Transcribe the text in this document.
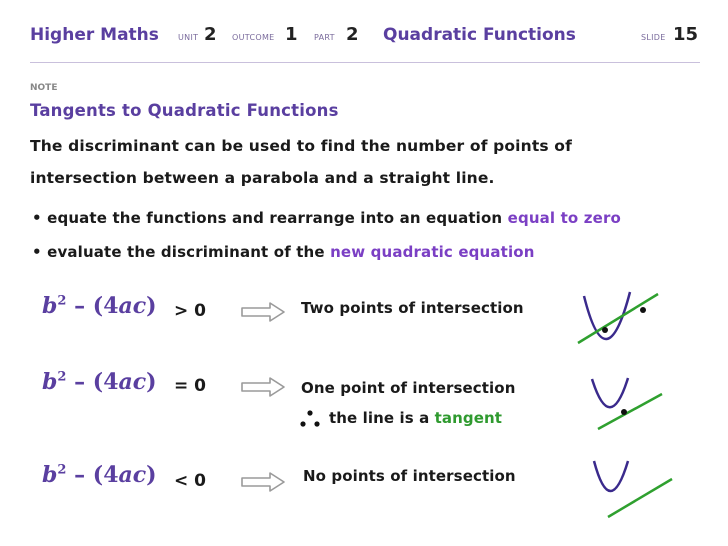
Higher Maths UNIT 2 OUTCOME 1 PART 2 Quadratic Functions	SLIDE 15
NOTE
Tangents to Quadratic Functions
The discriminant can be used to find the number of points of
intersection between a parabola and a straight line.
• equate the functions and rearrange into an equation equal to zero
• evaluate the discriminant of the new quadratic equation
$b^2 - (4ac) > 0$	Two points of intersection
$b^2 - (4ac) = 0$	One point of intersection
the line is a tangent
$b^2 - (4ac) < 0$	No points of intersection
